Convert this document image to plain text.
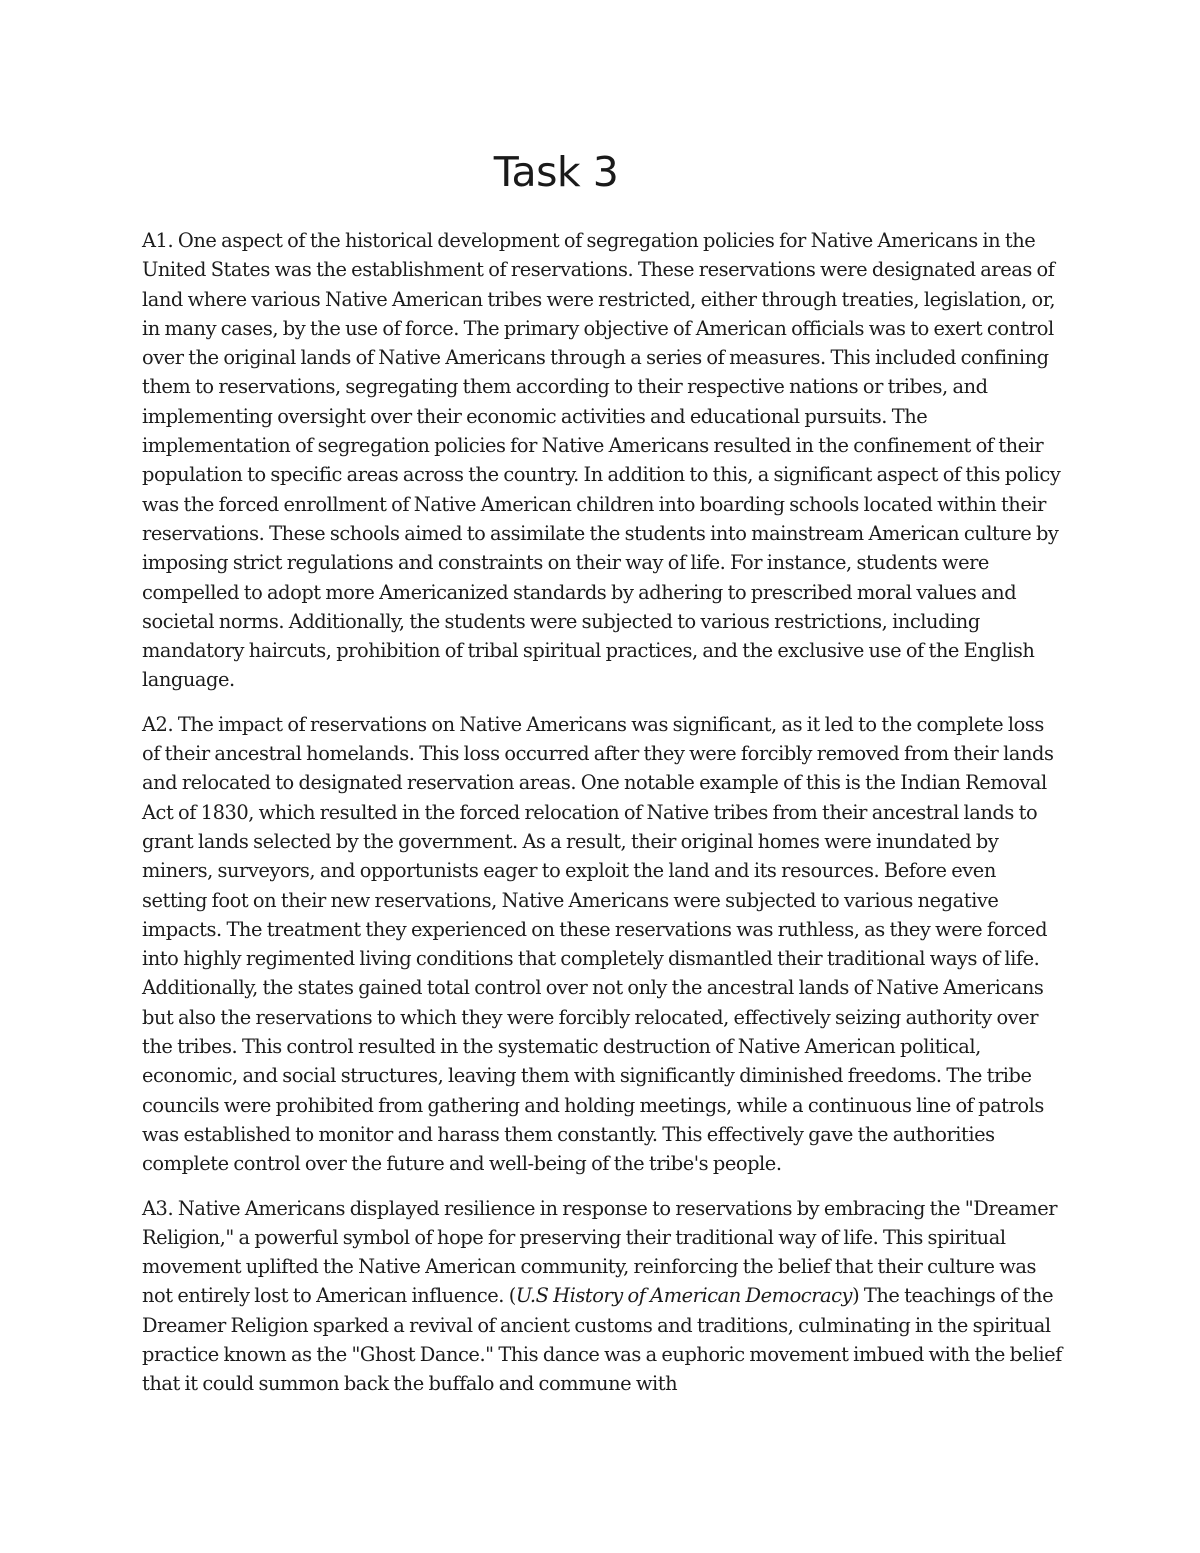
Task 3

A1. One aspect of the historical development of segregation policies for Native Americans in the United States was the establishment of reservations. These reservations were designated areas of land where various Native American tribes were restricted, either through treaties, legislation, or, in many cases, by the use of force. The primary objective of American officials was to exert control over the original lands of Native Americans through a series of measures. This included confining them to reservations, segregating them according to their respective nations or tribes, and implementing oversight over their economic activities and educational pursuits. The implementation of segregation policies for Native Americans resulted in the confinement of their population to specific areas across the country. In addition to this, a significant aspect of this policy was the forced enrollment of Native American children into boarding schools located within their reservations. These schools aimed to assimilate the students into mainstream American culture by imposing strict regulations and constraints on their way of life. For instance, students were compelled to adopt more Americanized standards by adhering to prescribed moral values and societal norms. Additionally, the students were subjected to various restrictions, including mandatory haircuts, prohibition of tribal spiritual practices, and the exclusive use of the English language.

A2. The impact of reservations on Native Americans was significant, as it led to the complete loss of their ancestral homelands. This loss occurred after they were forcibly removed from their lands and relocated to designated reservation areas. One notable example of this is the Indian Removal Act of 1830, which resulted in the forced relocation of Native tribes from their ancestral lands to grant lands selected by the government. As a result, their original homes were inundated by miners, surveyors, and opportunists eager to exploit the land and its resources. Before even setting foot on their new reservations, Native Americans were subjected to various negative impacts. The treatment they experienced on these reservations was ruthless, as they were forced into highly regimented living conditions that completely dismantled their traditional ways of life. Additionally, the states gained total control over not only the ancestral lands of Native Americans but also the reservations to which they were forcibly relocated, effectively seizing authority over the tribes. This control resulted in the systematic destruction of Native American political, economic, and social structures, leaving them with significantly diminished freedoms. The tribe councils were prohibited from gathering and holding meetings, while a continuous line of patrols was established to monitor and harass them constantly. This effectively gave the authorities complete control over the future and well-being of the tribe's people.

A3. Native Americans displayed resilience in response to reservations by embracing the "Dreamer Religion," a powerful symbol of hope for preserving their traditional way of life. This spiritual movement uplifted the Native American community, reinforcing the belief that their culture was not entirely lost to American influence. (U.S History of American Democracy) The teachings of the Dreamer Religion sparked a revival of ancient customs and traditions, culminating in the spiritual practice known as the "Ghost Dance." This dance was a euphoric movement imbued with the belief that it could summon back the buffalo and commune with
